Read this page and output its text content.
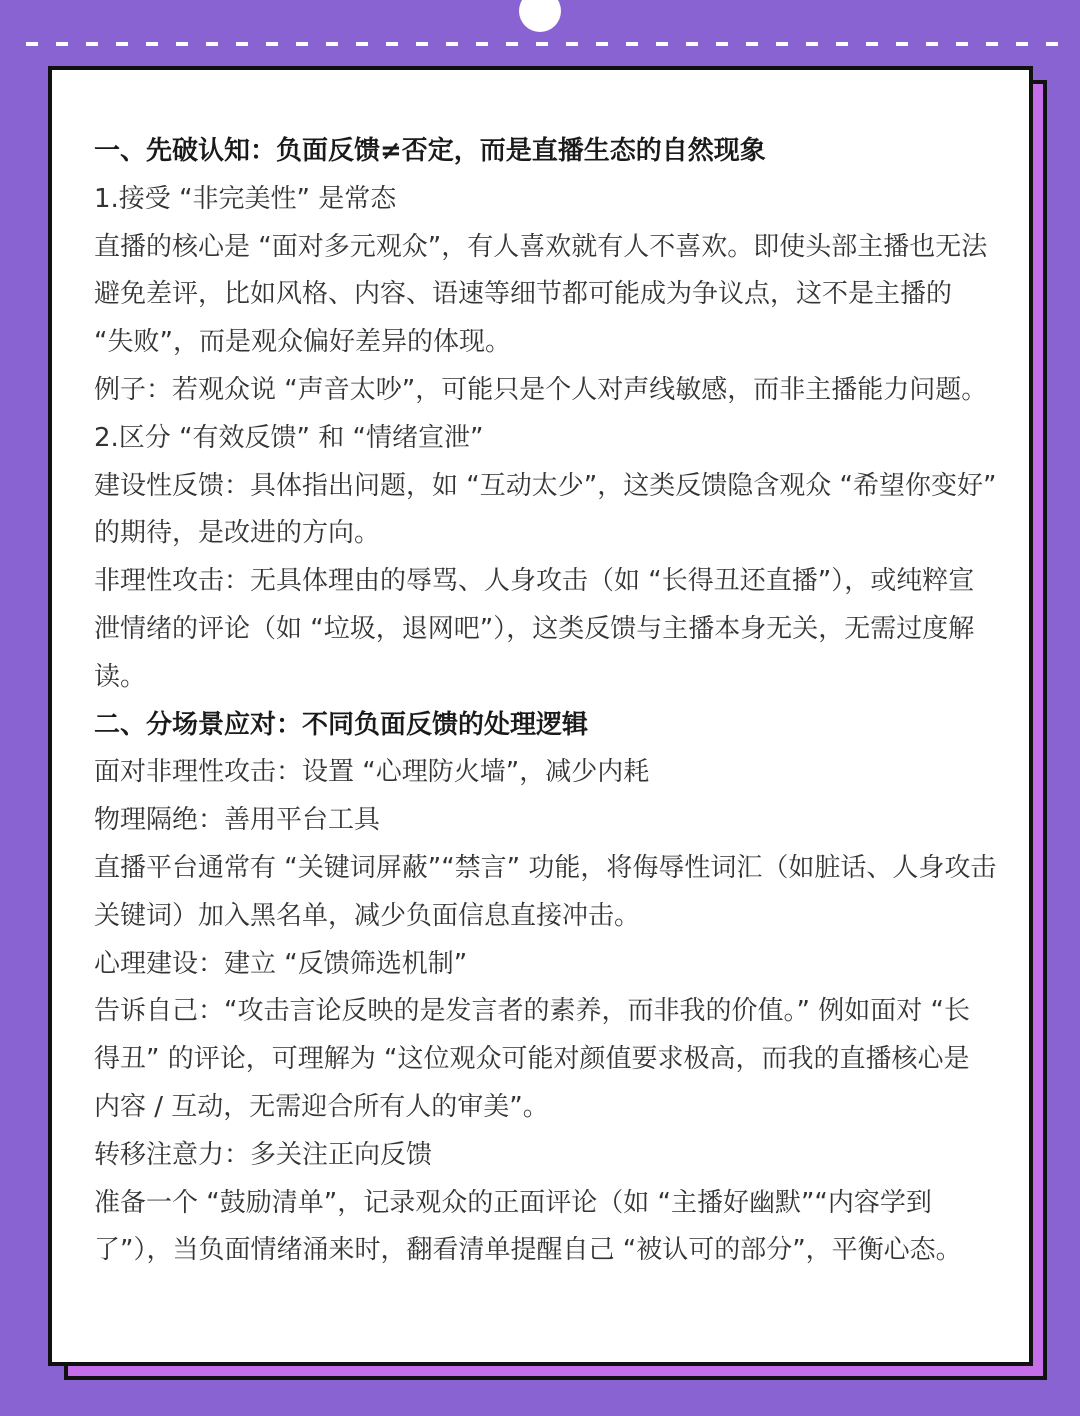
一、先破认知：负面反馈≠否定，而是直播生态的自然现象
1.接受 “非完美性” 是常态
直播的核心是 “面对多元观众”，有人喜欢就有人不喜欢。即使头部主播也无法
避免差评，比如风格、内容、语速等细节都可能成为争议点，这不是主播的
“失败”，而是观众偏好差异的体现。
例子：若观众说 “声音太吵”，可能只是个人对声线敏感，而非主播能力问题。
2.区分 “有效反馈” 和 “情绪宣泄”
建设性反馈：具体指出问题，如 “互动太少”，这类反馈隐含观众 “希望你变好”
的期待，是改进的方向。
非理性攻击：无具体理由的辱骂、人身攻击（如 “长得丑还直播”），或纯粹宣
泄情绪的评论（如 “垃圾，退网吧”），这类反馈与主播本身无关，无需过度解
读。
二、分场景应对：不同负面反馈的处理逻辑
面对非理性攻击：设置 “心理防火墙”，减少内耗
物理隔绝：善用平台工具
直播平台通常有 “关键词屏蔽”“禁言” 功能，将侮辱性词汇（如脏话、人身攻击
关键词）加入黑名单，减少负面信息直接冲击。
心理建设：建立 “反馈筛选机制”
告诉自己：“攻击言论反映的是发言者的素养，而非我的价值。” 例如面对 “长
得丑” 的评论，可理解为 “这位观众可能对颜值要求极高，而我的直播核心是
内容 / 互动，无需迎合所有人的审美”。
转移注意力：多关注正向反馈
准备一个 “鼓励清单”，记录观众的正面评论（如 “主播好幽默”“内容学到
了”），当负面情绪涌来时，翻看清单提醒自己 “被认可的部分”，平衡心态。
